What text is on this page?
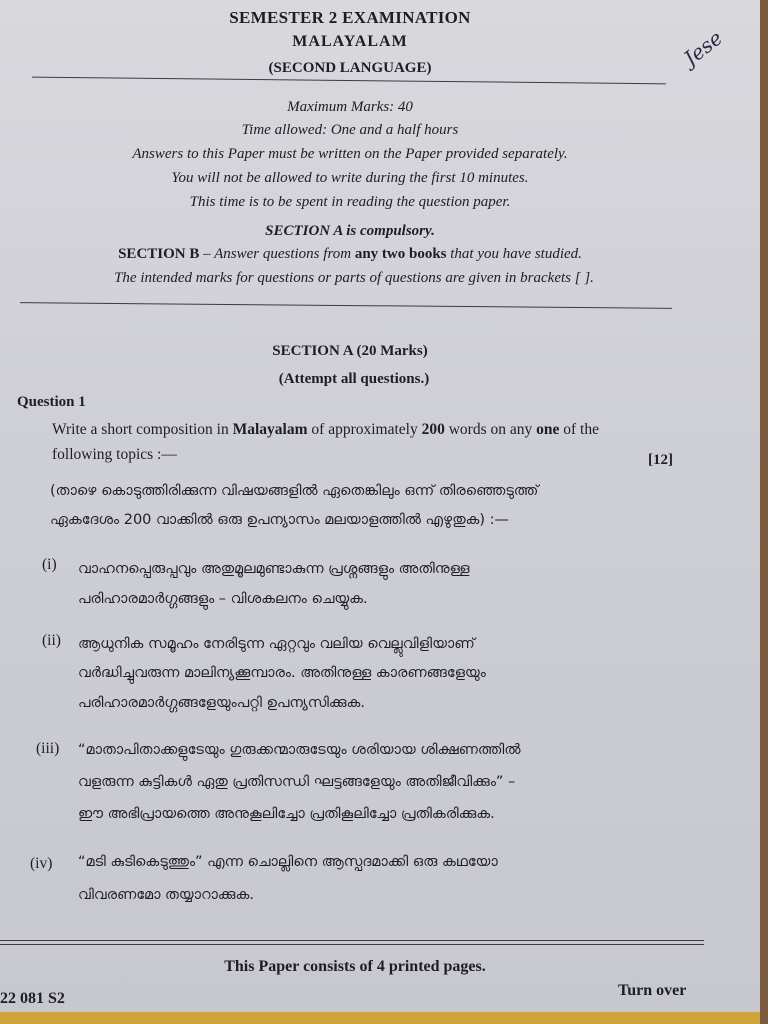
SEMESTER 2 EXAMINATION
MALAYALAM
(SECOND LANGUAGE)	Jese
Maximum Marks: 40
Time allowed: One and a half hours
Answers to this Paper must be written on the Paper provided separately.
You will not be allowed to write during the first 10 minutes.
This time is to be spent in reading the question paper.
SECTION A is compulsory.
SECTION B – Answer questions from any two books that you have studied.
The intended marks for questions or parts of questions are given in brackets [ ].
SECTION A (20 Marks)
(Attempt all questions.)
Question 1
Write a short composition in Malayalam of approximately 200 words on any one of the
following topics :—	[12]
(താഴെ കൊടുത്തിരിക്കുന്ന വിഷയങ്ങളിൽ ഏതെങ്കിലും ഒന്ന് തിരഞ്ഞെടുത്ത്
ഏകദേശം 200 വാക്കിൽ ഒരു ഉപന്യാസം മലയാളത്തിൽ എഴുതുക) :—
(i) വാഹനപ്പെരുപ്പവും അതുമൂലമുണ്ടാകുന്ന പ്രശ്നങ്ങളും അതിനുള്ള
പരിഹാരമാർഗ്ഗങ്ങളും – വിശകലനം ചെയ്യുക.
(ii) ആധുനിക സമൂഹം നേരിടുന്ന ഏറ്റവും വലിയ വെല്ലുവിളിയാണ്
വർദ്ധിച്ചുവരുന്ന മാലിന്യക്കൂമ്പാരം. അതിനുള്ള കാരണങ്ങളേയും
പരിഹാരമാർഗ്ഗങ്ങളേയുംപറ്റി ഉപന്യസിക്കുക.
(iii) “മാതാപിതാക്കളുടേയും ഗുരുക്കന്മാരുടേയും ശരിയായ ശിക്ഷണത്തിൽ
വളരുന്ന കുട്ടികൾ ഏതു പ്രതിസന്ധി ഘട്ടങ്ങളേയും അതിജീവിക്കും” –
ഈ അഭിപ്രായത്തെ അനുകൂലിച്ചോ പ്രതികൂലിച്ചോ പ്രതികരിക്കുക.
(iv) “മടി കുടികെടുത്തും” എന്ന ചൊല്ലിനെ ആസ്പദമാക്കി ഒരു കഥയോ
വിവരണമോ തയ്യാറാക്കുക.
This Paper consists of 4 printed pages.
22 081 S2	Turn over
